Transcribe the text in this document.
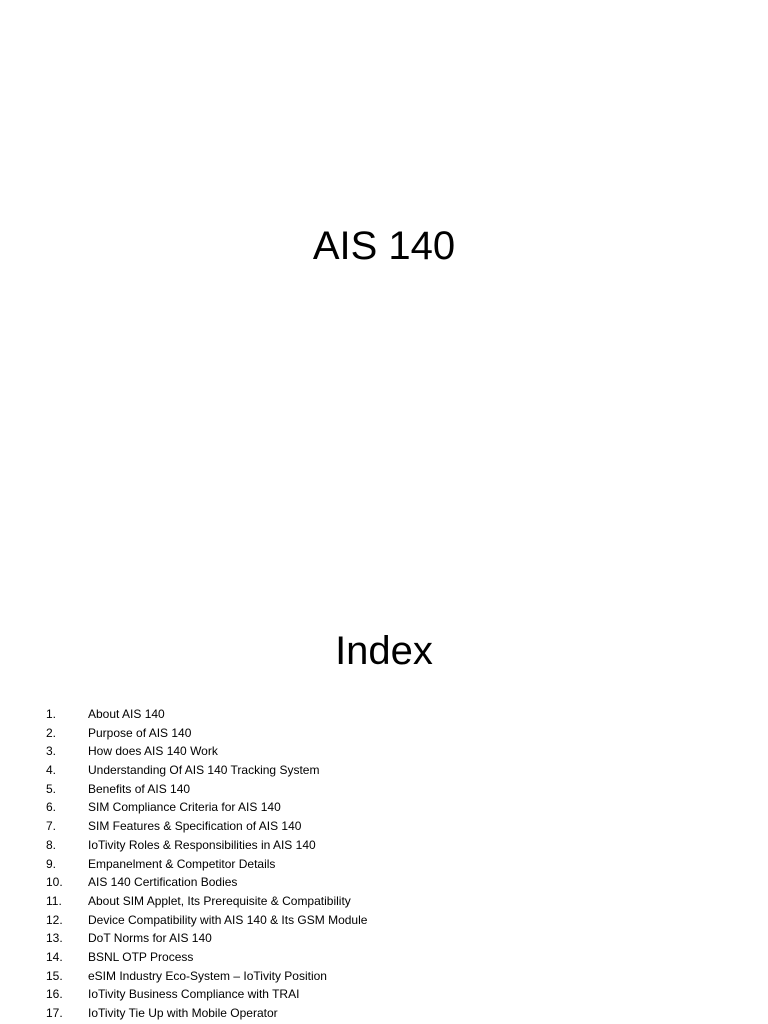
AIS 140
Index
1.	About AIS 140
2.	Purpose of AIS 140
3.	How does AIS 140 Work
4.	Understanding Of AIS 140 Tracking System
5.	Benefits of AIS 140
6.	SIM Compliance Criteria for AIS 140
7.	SIM Features & Specification of AIS 140
8.	IoTivity Roles & Responsibilities in AIS 140
9.	Empanelment & Competitor Details
10. AIS 140 Certification Bodies
11. About SIM Applet, Its Prerequisite & Compatibility
12. Device Compatibility with AIS 140 & Its GSM Module
13. DoT Norms for AIS 140
14. BSNL OTP Process
15. eSIM Industry Eco-System – IoTivity Position
16. IoTivity Business Compliance with TRAI
17. IoTivity Tie Up with Mobile Operator
